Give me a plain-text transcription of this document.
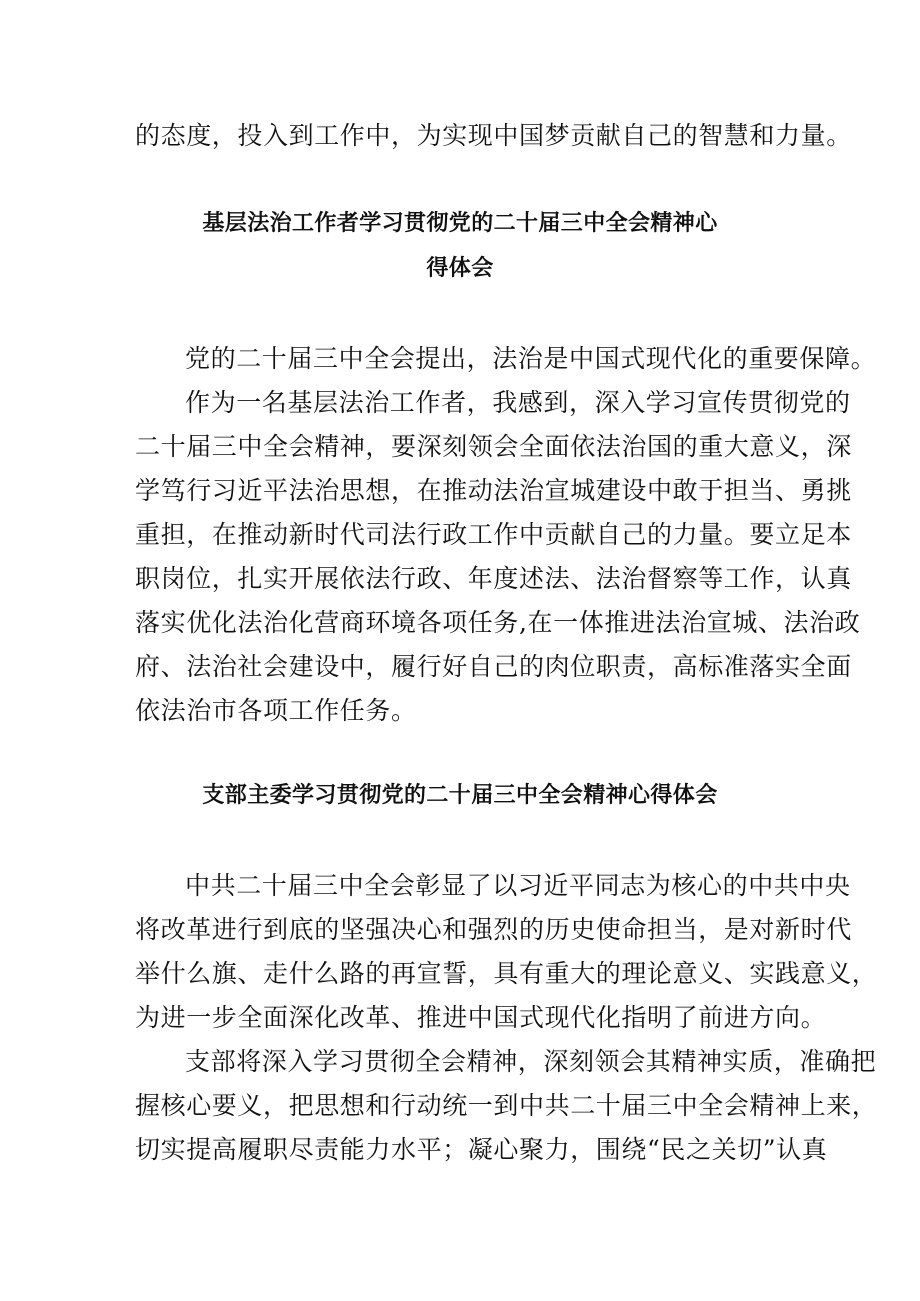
的态度，投入到工作中，为实现中国梦贡献自己的智慧和力量。
基层法治工作者学习贯彻党的二十届三中全会精神心
得体会
党的二十届三中全会提出，法治是中国式现代化的重要保障。
作为一名基层法治工作者，我感到，深入学习宣传贯彻党的
二十届三中全会精神，要深刻领会全面依法治国的重大意义，深
学笃行习近平法治思想，在推动法治宣城建设中敢于担当、勇挑
重担，在推动新时代司法行政工作中贡献自己的力量。要立足本
职岗位，扎实开展依法行政、年度述法、法治督察等工作，认真
落实优化法治化营商环境各项任务,在一体推进法治宣城、法治政
府、法治社会建设中，履行好自己的肉位职责，高标准落实全面
依法治市各项工作任务。
支部主委学习贯彻党的二十届三中全会精神心得体会
中共二十届三中全会彰显了以习近平同志为核心的中共中央
将改革进行到底的坚强决心和强烈的历史使命担当，是对新时代
举什么旗、走什么路的再宣誓，具有重大的理论意义、实践意义，
为进一步全面深化改革、推进中国式现代化指明了前进方向。
支部将深入学习贯彻全会精神，深刻领会其精神实质，准确把
握核心要义，把思想和行动统一到中共二十届三中全会精神上来，
切实提高履职尽责能力水平；凝心聚力，围绕“民之关切”认真
